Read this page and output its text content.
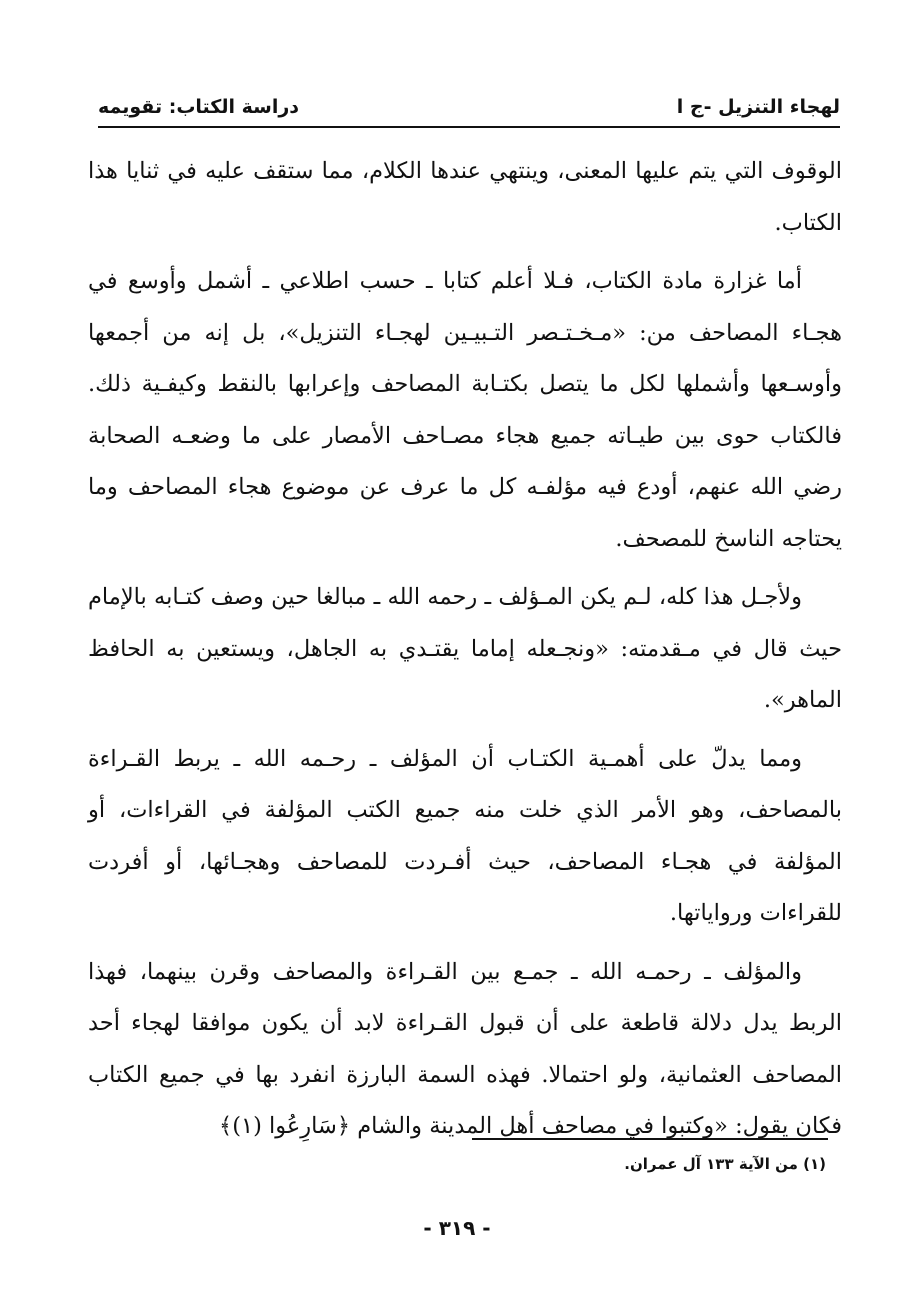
لهجاء التنزيل -ج ا
دراسة الكتاب: تقويمه

الوقوف التي يتم عليها المعنى، وينتهي عندها الكلام، مما ستقف عليه في ثنايا هذا الكتاب.

أما غزارة مادة الكتاب، فـلا أعلم كتابا ـ حسب اطلاعي ـ أشمل وأوسع في هجـاء المصاحف من: «مـخـتـصر التـبيـين لهجـاء التنزيل»، بل إنه من أجمعها وأوسـعها وأشملها لكل ما يتصل بكتـابة المصاحف وإعرابها بالنقط وكيفـية ذلك. فالكتاب حوى بين طيـاته جميع هجاء مصـاحف الأمصار على ما وضعـه الصحابة رضي الله عنهم، أودع فيه مؤلفـه كل ما عرف عن موضوع هجاء المصاحف وما يحتاجه الناسخ للمصحف.

ولأجـل هذا كله، لـم يكن المـؤلف ـ رحمه الله ـ مبالغا حين وصف كتـابه بالإمام حيث قال في مـقدمته: «ونجـعله إماما يقتـدي به الجاهل، ويستعين به الحافظ الماهر».

ومما يدلّ على أهمـية الكتـاب أن المؤلف ـ رحـمه الله ـ يربط القـراءة بالمصاحف، وهو الأمر الذي خلت منه جميع الكتب المؤلفة في القراءات، أو المؤلفة في هجـاء المصاحف، حيث أفـردت للمصاحف وهجـائها، أو أفردت للقراءات ورواياتها.

والمؤلف ـ رحمـه الله ـ جمـع بين القـراءة والمصاحف وقرن بينهما، فهذا الربط يدل دلالة قاطعة على أن قبول القـراءة لابد أن يكون موافقا لهجاء أحد المصاحف العثمانية، ولو احتمالا. فهذه السمة البارزة انفرد بها في جميع الكتاب فكان يقول: «وكتبوا في مصاحف أهل المدينة والشام ﴿سَارِعُوا (١)﴾

(١) من الآية ١٣٣ آل عمران.
- ٣١٩ -
